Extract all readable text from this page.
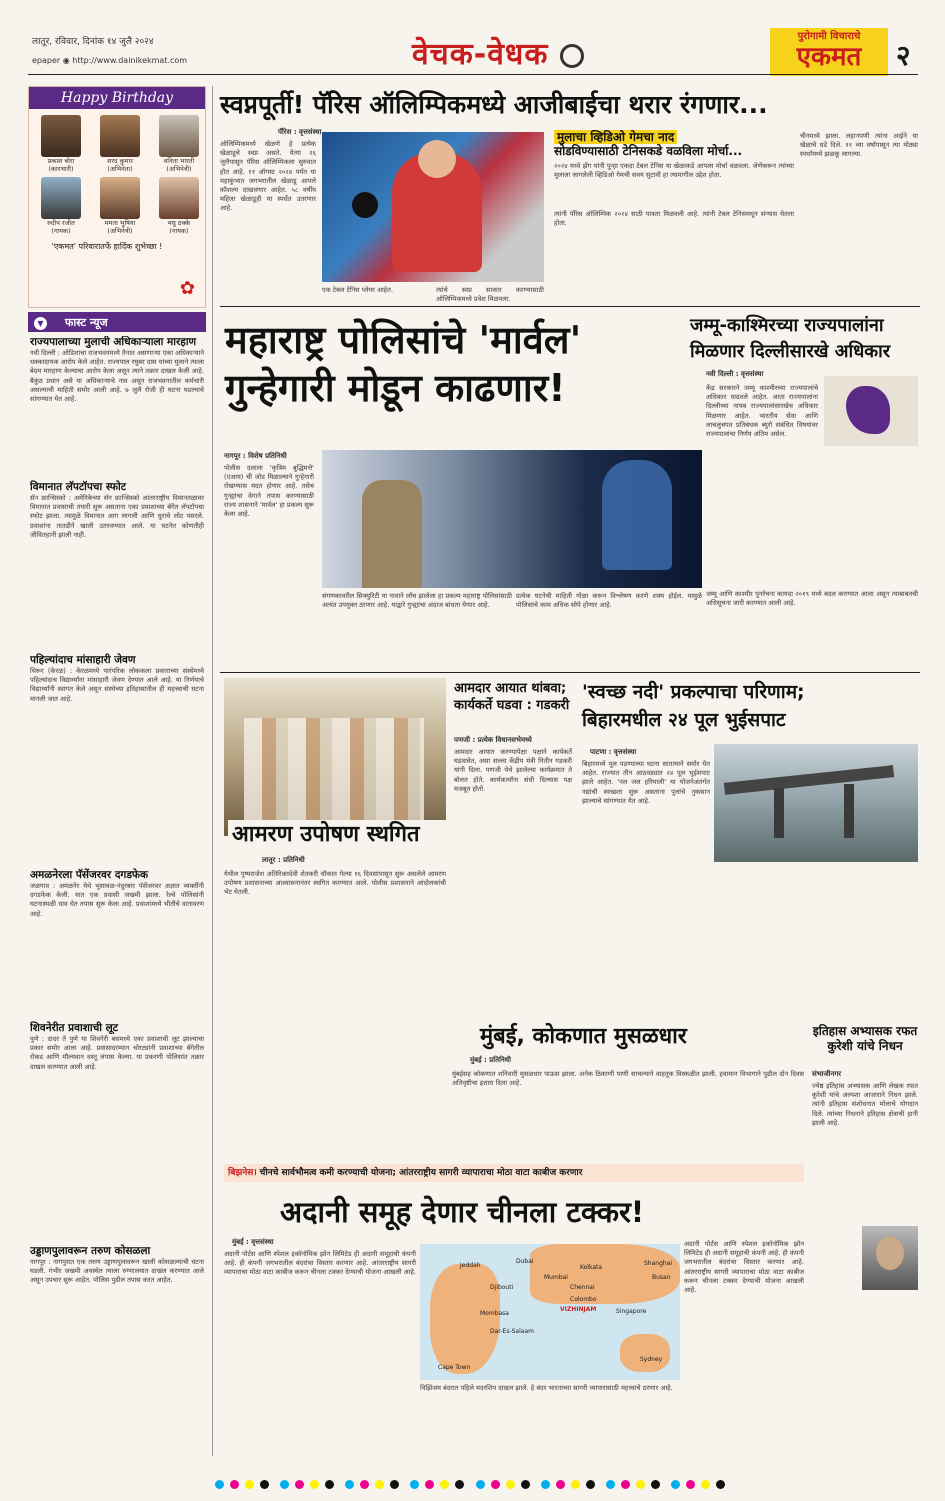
लातूर, रविवार, दिनांक १४ जुलै २०२४
epaper ◉ http://www.dainikekmat.com	वेचक-वेधक
पुरोगामी विचाराचे
एकमत	२
Happy Birthday
प्रकाश बोरा
(कारभारी)
शरद कुमार
(अभिनेता)
वनिता भारती
(अभिनेत्री)
रुदीप रजीत
(गायक)
ममता भुषिया
(अभिनेत्री)
मधु ठक्के
(गायक)
'एकमत' परिवारातर्फे हार्दिक शुभेच्छा !
✿
▼ फास्ट न्यूज
राज्यपालाच्या मुलाची अधिकाऱ्याला मारहाण
नवी दिल्ली : ओडिशाचा राजभवनमध्ये तैनात असणाऱ्या एका अधिकाऱ्याने धक्कादायक आरोप केले आहेत. राज्यपाल रघुबर दास यांच्या मुलाने त्याला बेदम मारहाण केल्याचा आरोप केला असून त्याने तक्रार दाखल केली आहे. बैकुंठ प्रधान असे या अधिकाऱ्याचे नाव असून राजभवनातील कर्मचारी असल्याची माहिती समोर आली आहे. ७ जुलै रोजी ही घटना घडल्याचे सांगण्यात येत आहे.
विमानात लॅपटॉपचा स्फोट
सॅन फ्रान्सिस्को : अमेरिकेच्या सॅन फ्रान्सिस्को आंतरराष्ट्रीय विमानतळावर विमानात प्रवासाची तयारी सुरू असताना एका प्रवाशाच्या बॅगेत लॅपटॉपचा स्फोट झाला. त्यामुळे विमानात आग लागली आणि धुराचे लोट पसरले. प्रवाशांना तातडीने खाली उतरवण्यात आले. या घटनेत कोणतीही जीवितहानी झाली नाही.
पहिल्यांदाच मांसाहारी जेवण
थिरूर (केरळ) : केरळमध्ये पारंपरिक लोककला प्रकाराच्या संस्थेमध्ये पहिल्यांदाच विद्यार्थ्यांना मांसाहारी जेवण देण्यात आले आहे. या निर्णयाचे विद्यार्थ्यांनी स्वागत केले असून संस्थेच्या इतिहासातील ही महत्त्वाची घटना मानली जात आहे.
अमळनेरला पॅसेंजरवर दगडफेक
जळगाव : अमळनेर येथे भुसावळ-नंदुरबार पॅसेंजरवर अज्ञात व्यक्तींनी दगडफेक केली. यात एक प्रवासी जखमी झाला. रेल्वे पोलिसांनी घटनास्थळी धाव घेत तपास सुरू केला आहे. प्रवाशांमध्ये भीतीचे वातावरण आहे.
शिवनेरीत प्रवाशाची लूट
पुणे : दादर ते पुणे या शिवनेरी बसमध्ये एका प्रवाशाची लूट झाल्याचा प्रकार समोर आला आहे. प्रवासादरम्यान चोरट्यांनी प्रवाशाच्या बॅगेतील रोकड आणि मौल्यवान वस्तू लंपास केल्या. या प्रकरणी पोलिसांत तक्रार दाखल करण्यात आली आहे.
उड्डाणपुलावरून तरुण कोसळला
नागपूर : नागपुरात एक तरुण उड्डाणपुलावरून खाली कोसळल्याची घटना घडली. गंभीर जखमी अवस्थेत त्याला रुग्णालयात दाखल करण्यात आले असून उपचार सुरू आहेत. पोलिस पुढील तपास करत आहेत.
स्वप्नपूर्ती! पॅरिस ऑलिम्पिकमध्ये आजीबाईचा थरार रंगणार...
पॅरिस : वृत्तसंस्था
ऑलिम्पिकमध्ये खेळणे हे प्रत्येक खेळाडूचे स्वप्न असते. येत्या २६ जुलैपासून पॅरिस ऑलिम्पिकला सुरुवात होत आहे. ११ ऑगस्ट २०२४ पर्यंत या महाकुंभात जगभरातील खेळाडू आपले कौशल्य दाखवणार आहेत. ५८ वर्षीय महिला खेळाडूही या स्पर्धेत उतरणार आहे.
एक टेबल टेनिस प्लेयर आहेत.	त्यांचे स्वप्न साकार करण्यासाठी ऑलिम्पिकमध्ये प्रवेश मिळवला.
मुलाचा व्हिडिओ गेमचा नाद
सोडविण्यासाठी टेनिसकडे वळविला मोर्चा...
२०२४ मध्ये झेंग यांनी पुन्हा एकदा टेबल टेनिस या खेळाकडे आपला मोर्चा वळवला. जेणेकरून त्यांच्या मुलाला लागलेली व्हिडिओ गेमची सवय सुटावी हा त्यामागील उद्देश होता.
त्यांनी पॅरिस ऑलिम्पिक २०२४ साठी पात्रता मिळवली आहे. त्यांनी टेबल टेनिसमधून संन्यास घेतला होता.
चीनमध्ये झाला. लहानपणी त्यांना आईने या खेळाचे धडे दिले. ११ व्या वर्षापासून त्या मोठ्या स्पर्धांमध्ये झळकू लागल्या.
महाराष्ट्र पोलिसांचे 'मार्वल'
गुन्हेगारी मोडून काढणार!
नागपूर : विशेष प्रतिनिधी
पोलीस दलाला 'कृत्रिम बुद्धिमत्ते' (एआय) ची जोड मिळाल्याने गुन्हेगारी रोखण्यास मदत होणार आहे. तसेच गुन्ह्यांचा वेगाने तपास करण्यासाठी राज्य शासनाने 'मार्वल' हा प्रकल्प सुरू केला आहे.
संगणकावरील सिक्युरिटी या नावाने लाँच झालेला हा प्रकल्प महाराष्ट्र पोलिसांसाठी अत्यंत उपयुक्त ठरणार आहे. याद्वारे गुन्ह्यांचा अंदाज बांधता येणार आहे.
प्रत्येक घटनेची माहिती गोळा करून विश्लेषण करणे शक्य होईल. यामुळे पोलिसांचे काम अधिक सोपे होणार आहे.
जम्मू-काश्मिरच्या राज्यपालांना
मिळणार दिल्लीसारखे अधिकार
नवी दिल्ली : वृत्तसंस्था
केंद्र सरकारने जम्मू काश्मीरच्या राज्यपालांचे अधिकार वाढवले आहेत. आता राज्यपालांना दिल्लीच्या नायब राज्यपालांसारखेच अधिकार मिळणार आहेत. भारतीय सेवा आणि लाचलुचपत प्रतिबंधक ब्युरो संबंधित विषयांवर राज्यपालांचा निर्णय अंतिम असेल.
जम्मू आणि काश्मीर पुनर्रचना कायदा २०१९ मध्ये बदल करण्यात आला असून त्याबाबतची अधिसूचना जारी करण्यात आली आहे.
आमरण उपोषण स्थगित
लातूर : प्रतिनिधी
येथील पुष्पराजेश अतिरिक्तदेवी शेतकरी चौकात गेल्या १६ दिवसांपासून सुरू असलेले आमरण उपोषण प्रशासनाच्या आश्वासनानंतर स्थगित करण्यात आले. पोलीस प्रशासनाने आंदोलकांची भेट घेतली.
आमदार आयात थांबवा; कार्यकर्ते घडवा : गडकरी
पणजी : प्रत्येक विधानसभेमध्ये
आमदार आयात करण्यापेक्षा पक्षाने कार्यकर्ते घडवावेत, असा सल्ला केंद्रीय मंत्री नितीन गडकरी यांनी दिला. पणजी येथे झालेल्या कार्यक्रमात ते बोलत होते. कार्यकर्त्यांना संधी दिल्यास पक्ष मजबूत होतो.
'स्वच्छ नदी' प्रकल्पाचा परिणाम;
बिहारमधील २४ पूल भुईसपाट
पाटणा : वृत्तसंस्था
बिहारमध्ये पूल पडण्याच्या घटना सातत्याने समोर येत आहेत. राज्यात तीन आठवड्यांत २४ पूल भुईसपाट झाले आहेत. 'नल जल हरियाली' या योजनेअंतर्गत नद्यांची स्वच्छता सुरू असताना पुलांचे नुकसान झाल्याचे सांगण्यात येत आहे.
मुंबई, कोकणात मुसळधार
मुंबई : प्रतिनिधी
मुंबईसह कोकणात शनिवारी मुसळधार पाऊस झाला. अनेक ठिकाणी पाणी साचल्याने वाहतूक विस्कळीत झाली. हवामान विभागाने पुढील दोन दिवस अतिवृष्टीचा इशारा दिला आहे.
इतिहास अभ्यासक रफत कुरेशी यांचे निधन
संभाजीनगर
ज्येष्ठ इतिहास अभ्यासक आणि लेखक रफत कुरेशी यांचे अल्पशा आजाराने निधन झाले. त्यांनी इतिहास संशोधनात मोलाचे योगदान दिले. त्यांच्या निधनाने इतिहास क्षेत्राची हानी झाली आहे.
बिझनेस। चीनचे सार्वभौमत्व कमी करण्याची योजना; आंतरराष्ट्रीय सागरी व्यापाराचा मोठा वाटा काबीज करणार
अदानी समूह देणार चीनला टक्कर!
मुंबई : वृत्तसंस्था
अदानी पोर्टस आणि स्पेशल इकॉनॉमिक झोन लिमिटेड ही अदानी समूहाची कंपनी आहे. ही कंपनी जगभरातील बंदरांचा विस्तार करणार आहे. आंतरराष्ट्रीय सागरी व्यापाराचा मोठा वाटा काबीज करून चीनला टक्कर देण्याची योजना आखली आहे.
VIZHINJAM
Cape Town
Dar-Es-Salaam
Mombasa
Djibouti
Jeddah
Mumbai
Chennai
Kolkata
Colombo
Singapore
Sydney
Shanghai
Busan
Dubai
विझिंजम बंदरात पहिले मदरशिप दाखल झाले. हे बंदर भारताच्या सागरी व्यापारासाठी महत्त्वाचे ठरणार आहे.
अदानी पोर्टस आणि स्पेशल इकॉनॉमिक झोन लिमिटेड ही अदानी समूहाची कंपनी आहे. ही कंपनी जगभरातील बंदरांचा विस्तार करणार आहे. आंतरराष्ट्रीय सागरी व्यापाराचा मोठा वाटा काबीज करून चीनला टक्कर देण्याची योजना आखली आहे.
